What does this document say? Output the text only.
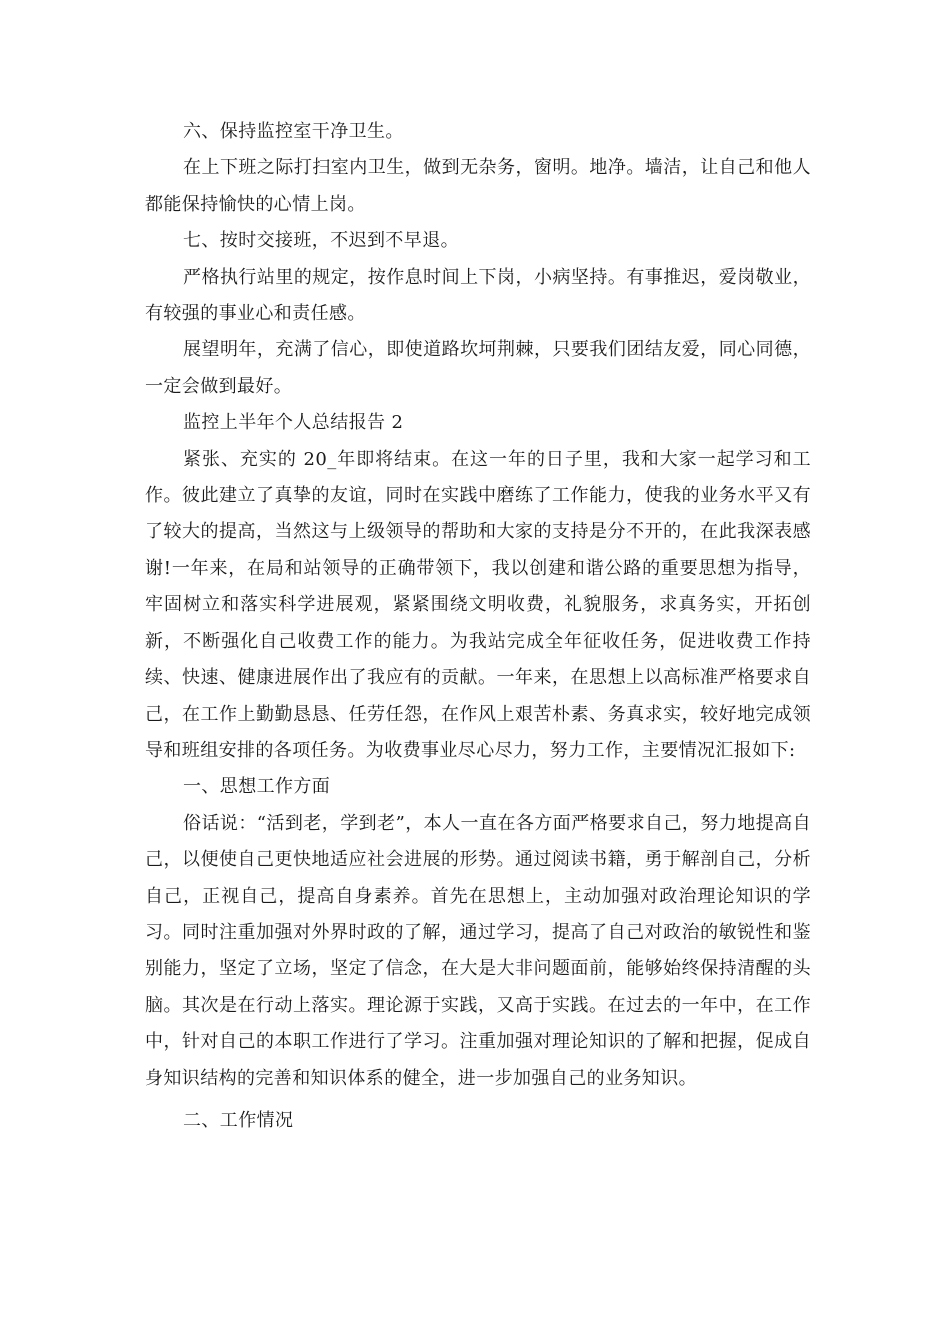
六、保持监控室干净卫生。

在上下班之际打扫室内卫生，做到无杂务，窗明。地净。墙洁，让自己和他人都能保持愉快的心情上岗。

七、按时交接班，不迟到不早退。

严格执行站里的规定，按作息时间上下岗，小病坚持。有事推迟，爱岗敬业，有较强的事业心和责任感。

展望明年，充满了信心，即使道路坎坷荆棘，只要我们团结友爱，同心同德，一定会做到最好。

监控上半年个人总结报告 2

紧张、充实的 20_年即将结束。在这一年的日子里，我和大家一起学习和工作。彼此建立了真挚的友谊，同时在实践中磨练了工作能力，使我的业务水平又有了较大的提高，当然这与上级领导的帮助和大家的支持是分不开的，在此我深表感谢!一年来，在局和站领导的正确带领下，我以创建和谐公路的重要思想为指导，牢固树立和落实科学进展观，紧紧围绕文明收费，礼貌服务，求真务实，开拓创新，不断强化自己收费工作的能力。为我站完成全年征收任务，促进收费工作持续、快速、健康进展作出了我应有的贡献。一年来，在思想上以高标准严格要求自己，在工作上勤勤恳恳、任劳任怨，在作风上艰苦朴素、务真求实，较好地完成领导和班组安排的各项任务。为收费事业尽心尽力，努力工作，主要情况汇报如下:

一、思想工作方面

俗话说：“活到老，学到老”，本人一直在各方面严格要求自己，努力地提高自己，以便使自己更快地适应社会进展的形势。通过阅读书籍，勇于解剖自己，分析自己，正视自己，提高自身素养。首先在思想上，主动加强对政治理论知识的学习。同时注重加强对外界时政的了解，通过学习，提高了自己对政治的敏锐性和鉴别能力，坚定了立场，坚定了信念，在大是大非问题面前，能够始终保持清醒的头脑。其次是在行动上落实。理论源于实践，又高于实践。在过去的一年中，在工作中，针对自己的本职工作进行了学习。注重加强对理论知识的了解和把握，促成自身知识结构的完善和知识体系的健全，进一步加强自己的业务知识。

二、工作情况
